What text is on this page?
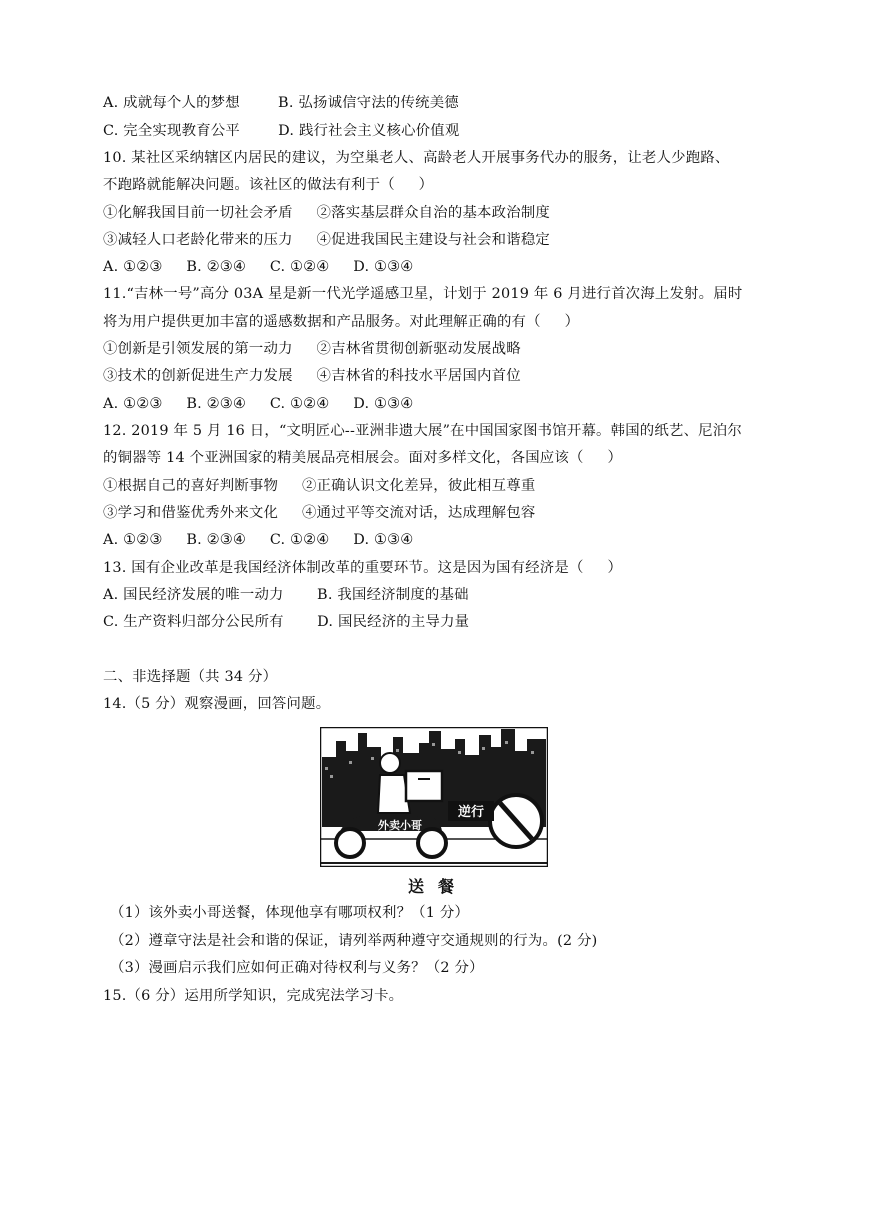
A. 成就每个人的梦想        B. 弘扬诚信守法的传统美德
C. 完全实现教育公平        D. 践行社会主义核心价值观
10. 某社区采纳辖区内居民的建议，为空巢老人、高龄老人开展事务代办的服务，让老人少跑路、
不跑路就能解决问题。该社区的做法有利于（     ）
①化解我国目前一切社会矛盾     ②落实基层群众自治的基本政治制度
③减轻人口老龄化带来的压力     ④促进我国民主建设与社会和谐稳定
A. ①②③     B. ②③④     C. ①②④     D. ①③④
11.“吉林一号”高分 03A 星是新一代光学遥感卫星，计划于 2019 年 6 月进行首次海上发射。届时
将为用户提供更加丰富的遥感数据和产品服务。对此理解正确的有（     ）
①创新是引领发展的第一动力     ②吉林省贯彻创新驱动发展战略
③技术的创新促进生产力发展     ④吉林省的科技水平居国内首位
A. ①②③     B. ②③④     C. ①②④     D. ①③④
12. 2019 年 5 月 16 日，“文明匠心--亚洲非遗大展”在中国国家图书馆开幕。韩国的纸艺、尼泊尔
的铜器等 14 个亚洲国家的精美展品亮相展会。面对多样文化，各国应该（     ）
①根据自己的喜好判断事物     ②正确认识文化差异，彼此相互尊重
③学习和借鉴优秀外来文化     ④通过平等交流对话，达成理解包容
A. ①②③     B. ②③④     C. ①②④     D. ①③④
13. 国有企业改革是我国经济体制改革的重要环节。这是因为国有经济是（     ）
A. 国民经济发展的唯一动力       B. 我国经济制度的基础
C. 生产资料归部分公民所有       D. 国民经济的主导力量
二、非选择题（共 34 分）
14.（5 分）观察漫画，回答问题。
逆行
外卖小哥
送餐
（1）该外卖小哥送餐，体现他享有哪项权利？（1 分）
（2）遵章守法是社会和谐的保证，请列举两种遵守交通规则的行为。(2 分)
（3）漫画启示我们应如何正确对待权利与义务？（2 分）
15.（6 分）运用所学知识，完成宪法学习卡。
